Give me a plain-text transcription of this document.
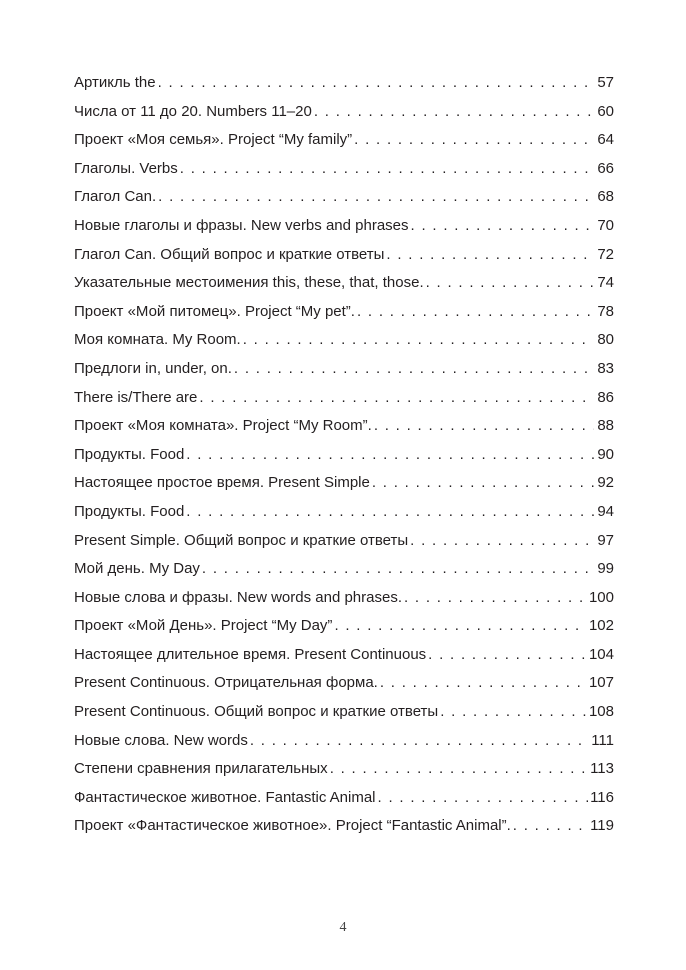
Артикль the . . .	57
Числа от 11 до 20. Numbers 11–20 . . .	60
Проект «Моя семья». Project “My family” . . .	64
Глаголы. Verbs . . .	66
Глагол Can. . . .	68
Новые глаголы и фразы. New verbs and phrases . . .	70
Глагол Can. Общий вопрос и краткие ответы . . .	72
Указательные местоимения this, these, that, those. . . .	74
Проект «Мой питомец». Project “My pet”. . . .	78
Моя комната. My Room. . . .	80
Предлоги in, under, on. . . .	83
There is/There are . . .	86
Проект «Моя комната». Project “My Room”. . . .	88
Продукты. Food . . .	90
Настоящее простое время. Present Simple . . .	92
Продукты. Food . . .	94
Present Simple. Общий вопрос и краткие ответы . . .	97
Мой день. My Day . . .	99
Новые слова и фразы. New words and phrases. . . .	100
Проект «Мой День». Project “My Day” . . .	102
Настоящее длительное время. Present Continuous . . .	104
Present Continuous. Отрицательная форма. . . .	107
Present Continuous. Общий вопрос и краткие ответы . . .	108
Новые слова. New words . . .	111
Степени сравнения прилагательных . . .	113
Фантастическое животное. Fantastic Animal . . .	116
Проект «Фантастическое животное». Project “Fantastic Animal”. . . .	119
4
